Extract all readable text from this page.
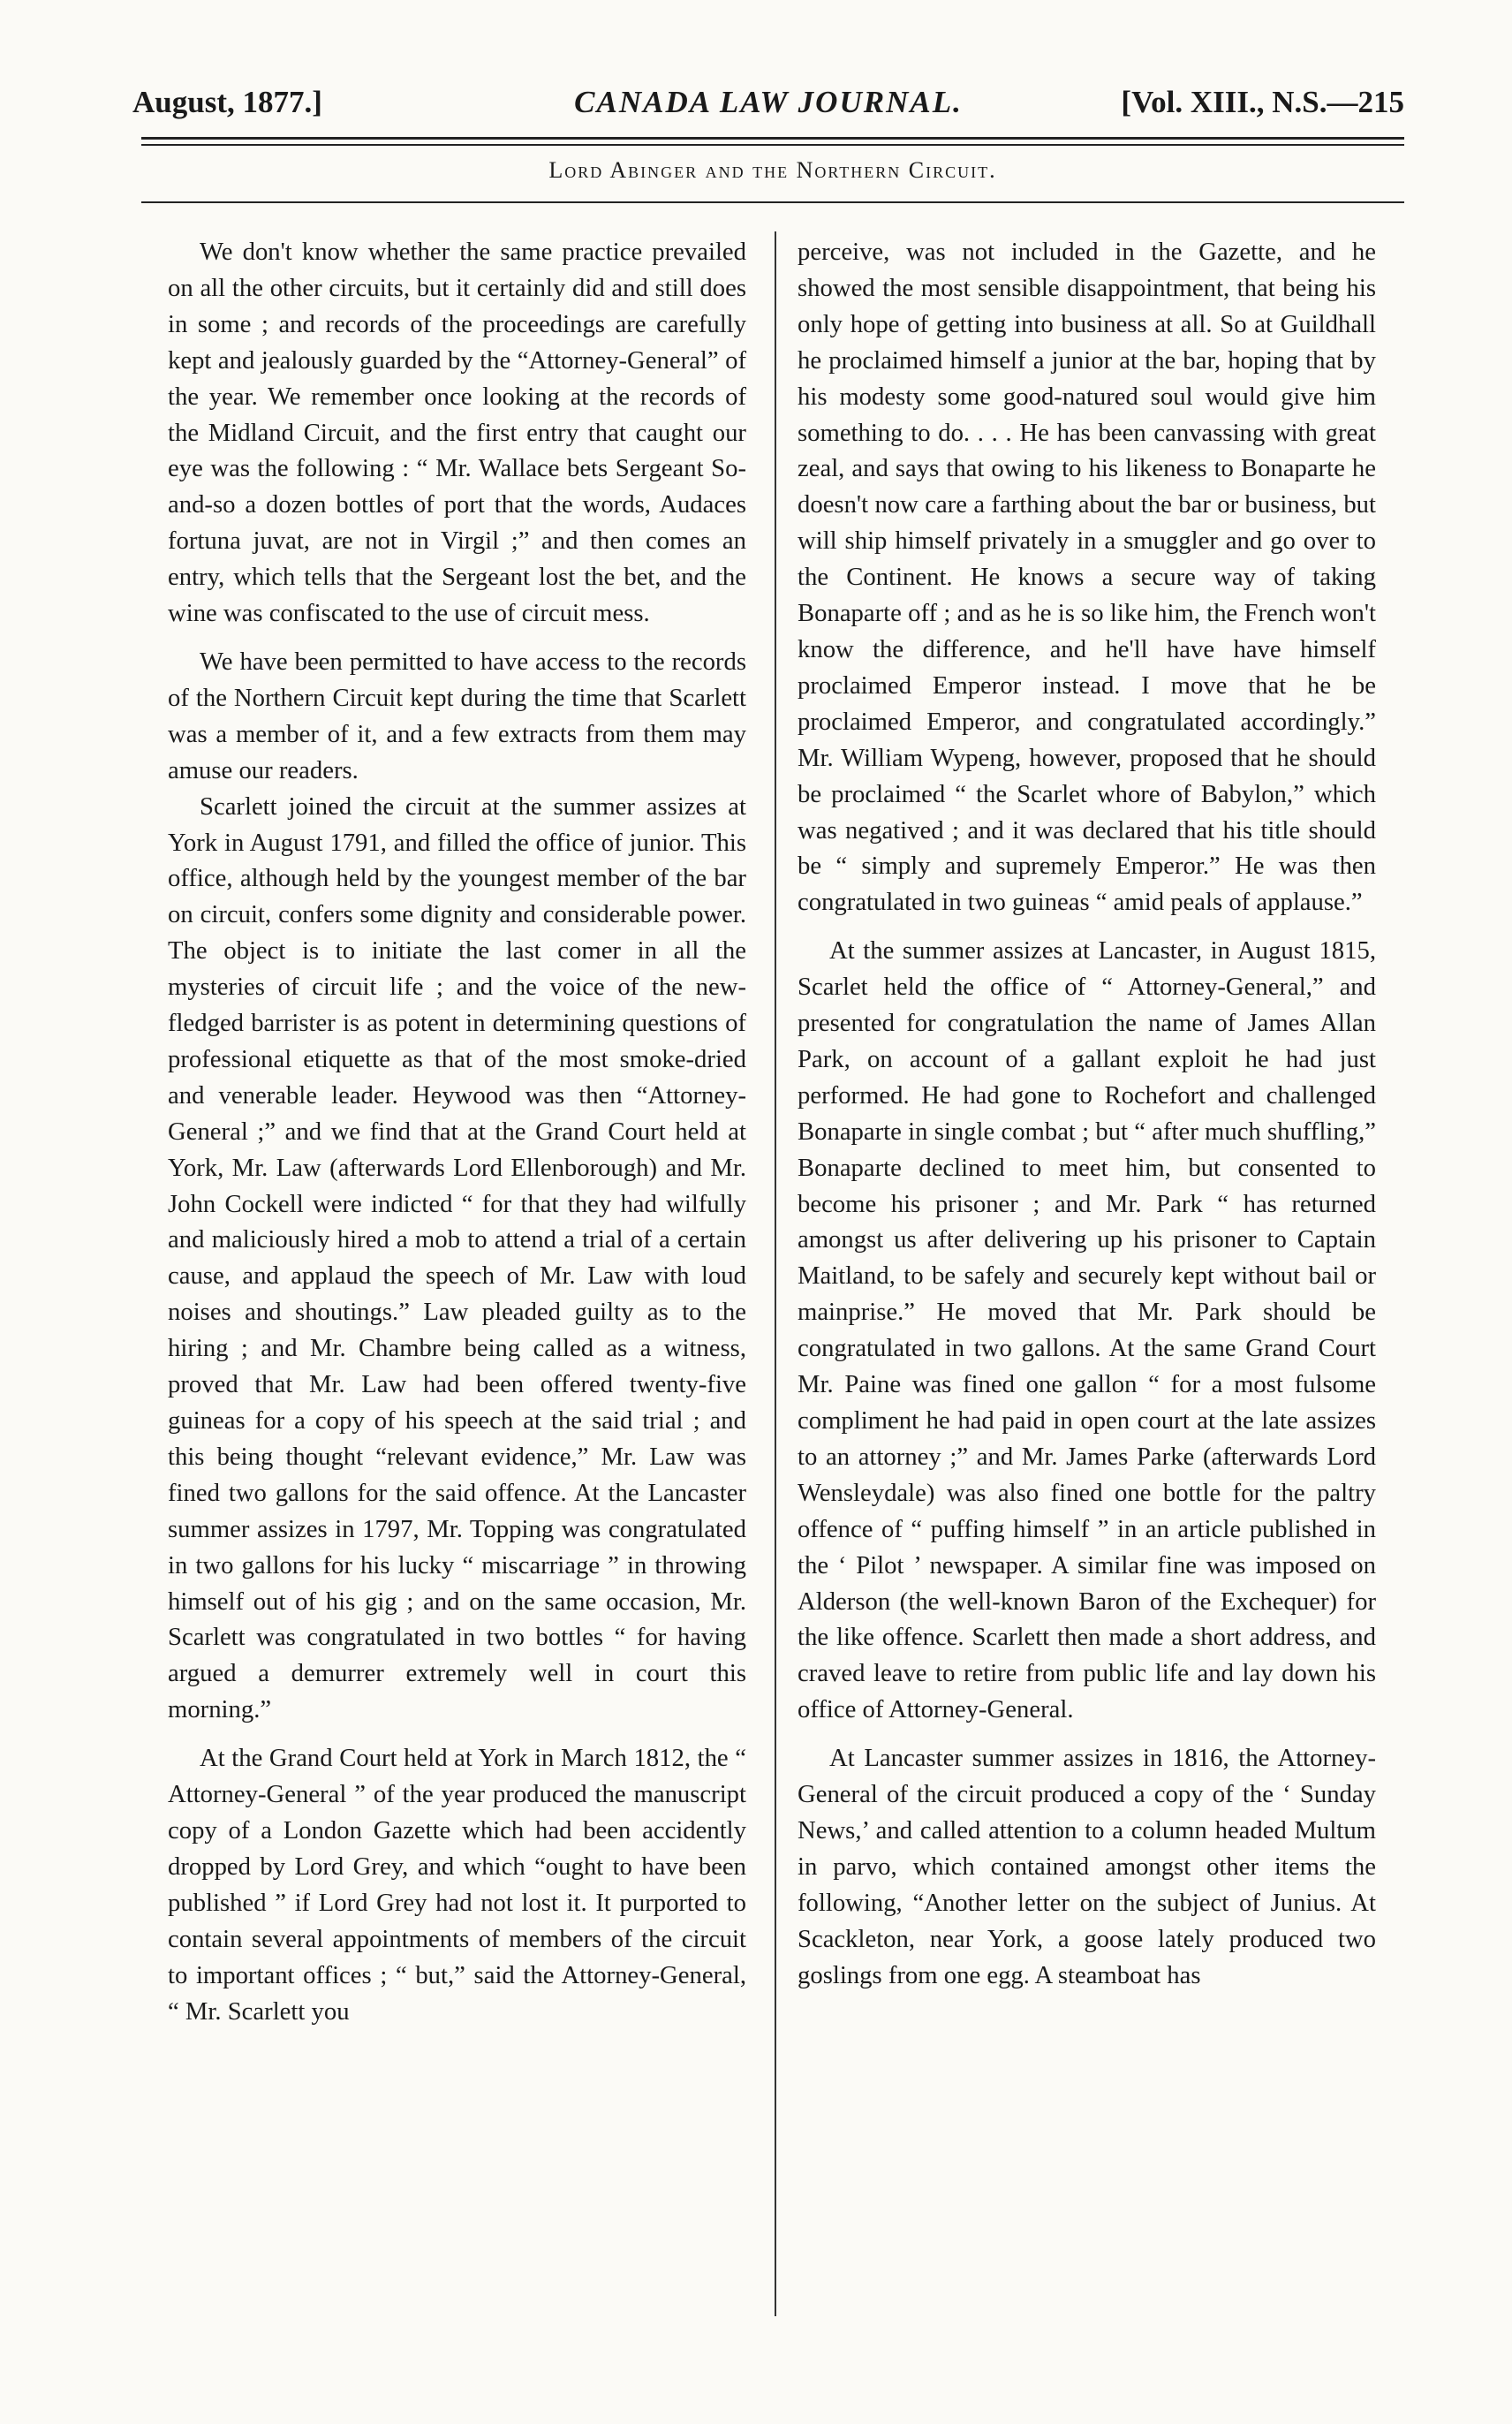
August, 1877.]	CANADA LAW JOURNAL.	[Vol. XIII., N.S.—215
Lord Abinger and the Northern Circuit.

We don't know whether the same practice prevailed on all the other circuits, but it certainly did and still does in some ; and records of the proceedings are carefully kept and jealously guarded by the “Attorney-General” of the year. We remember once looking at the records of the Midland Circuit, and the first entry that caught our eye was the following : “ Mr. Wallace bets Sergeant So-and-so a dozen bottles of port that the words, Audaces fortuna juvat, are not in Virgil ;” and then comes an entry, which tells that the Sergeant lost the bet, and the wine was confiscated to the use of circuit mess.

We have been permitted to have access to the records of the Northern Circuit kept during the time that Scarlett was a member of it, and a few extracts from them may amuse our readers.

Scarlett joined the circuit at the summer assizes at York in August 1791, and filled the office of junior. This office, although held by the youngest member of the bar on circuit, confers some dignity and considerable power. The object is to initiate the last comer in all the mysteries of circuit life ; and the voice of the new-fledged barrister is as potent in determining questions of professional etiquette as that of the most smoke-dried and venerable leader. Heywood was then “Attorney-General ;” and we find that at the Grand Court held at York, Mr. Law (afterwards Lord Ellenborough) and Mr. John Cockell were indicted “ for that they had wilfully and maliciously hired a mob to attend a trial of a certain cause, and applaud the speech of Mr. Law with loud noises and shoutings.” Law pleaded guilty as to the hiring ; and Mr. Chambre being called as a witness, proved that Mr. Law had been offered twenty-five guineas for a copy of his speech at the said trial ; and this being thought “relevant evidence,” Mr. Law was fined two gallons for the said offence. At the Lancaster summer assizes in 1797, Mr. Topping was congratulated in two gallons for his lucky “ miscarriage ” in throwing himself out of his gig ; and on the same occasion, Mr. Scarlett was congratulated in two bottles “ for having argued a demurrer extremely well in court this morning.”

At the Grand Court held at York in March 1812, the “ Attorney-General ” of the year produced the manuscript copy of a London Gazette which had been accidently dropped by Lord Grey, and which “ought to have been published ” if Lord Grey had not lost it. It purported to contain several appointments of members of the circuit to important offices ; “ but,” said the Attorney-General, “ Mr. Scarlett you

perceive, was not included in the Gazette, and he showed the most sensible disappointment, that being his only hope of getting into business at all. So at Guildhall he proclaimed himself a junior at the bar, hoping that by his modesty some good-natured soul would give him something to do. . . . He has been canvassing with great zeal, and says that owing to his likeness to Bonaparte he doesn't now care a farthing about the bar or business, but will ship himself privately in a smuggler and go over to the Continent. He knows a secure way of taking Bonaparte off ; and as he is so like him, the French won't know the difference, and he'll have have himself proclaimed Emperor instead. I move that he be proclaimed Emperor, and congratulated accordingly.” Mr. William Wypeng, however, proposed that he should be proclaimed “ the Scarlet whore of Babylon,” which was negatived ; and it was declared that his title should be “ simply and supremely Emperor.” He was then congratulated in two guineas “ amid peals of applause.”

At the summer assizes at Lancaster, in August 1815, Scarlet held the office of “ Attorney-General,” and presented for congratulation the name of James Allan Park, on account of a gallant exploit he had just performed. He had gone to Rochefort and challenged Bonaparte in single combat ; but “ after much shuffling,” Bonaparte declined to meet him, but consented to become his prisoner ; and Mr. Park “ has returned amongst us after delivering up his prisoner to Captain Maitland, to be safely and securely kept without bail or mainprise.” He moved that Mr. Park should be congratulated in two gallons. At the same Grand Court Mr. Paine was fined one gallon “ for a most fulsome compliment he had paid in open court at the late assizes to an attorney ;” and Mr. James Parke (afterwards Lord Wensleydale) was also fined one bottle for the paltry offence of “ puffing himself ” in an article published in the ‘ Pilot ’ newspaper. A similar fine was imposed on Alderson (the well-known Baron of the Exchequer) for the like offence. Scarlett then made a short address, and craved leave to retire from public life and lay down his office of Attorney-General.

At Lancaster summer assizes in 1816, the Attorney-General of the circuit produced a copy of the ‘ Sunday News,’ and called attention to a column headed Multum in parvo, which contained amongst other items the following, “Another letter on the subject of Junius. At Scackleton, near York, a goose lately produced two goslings from one egg. A steamboat has
